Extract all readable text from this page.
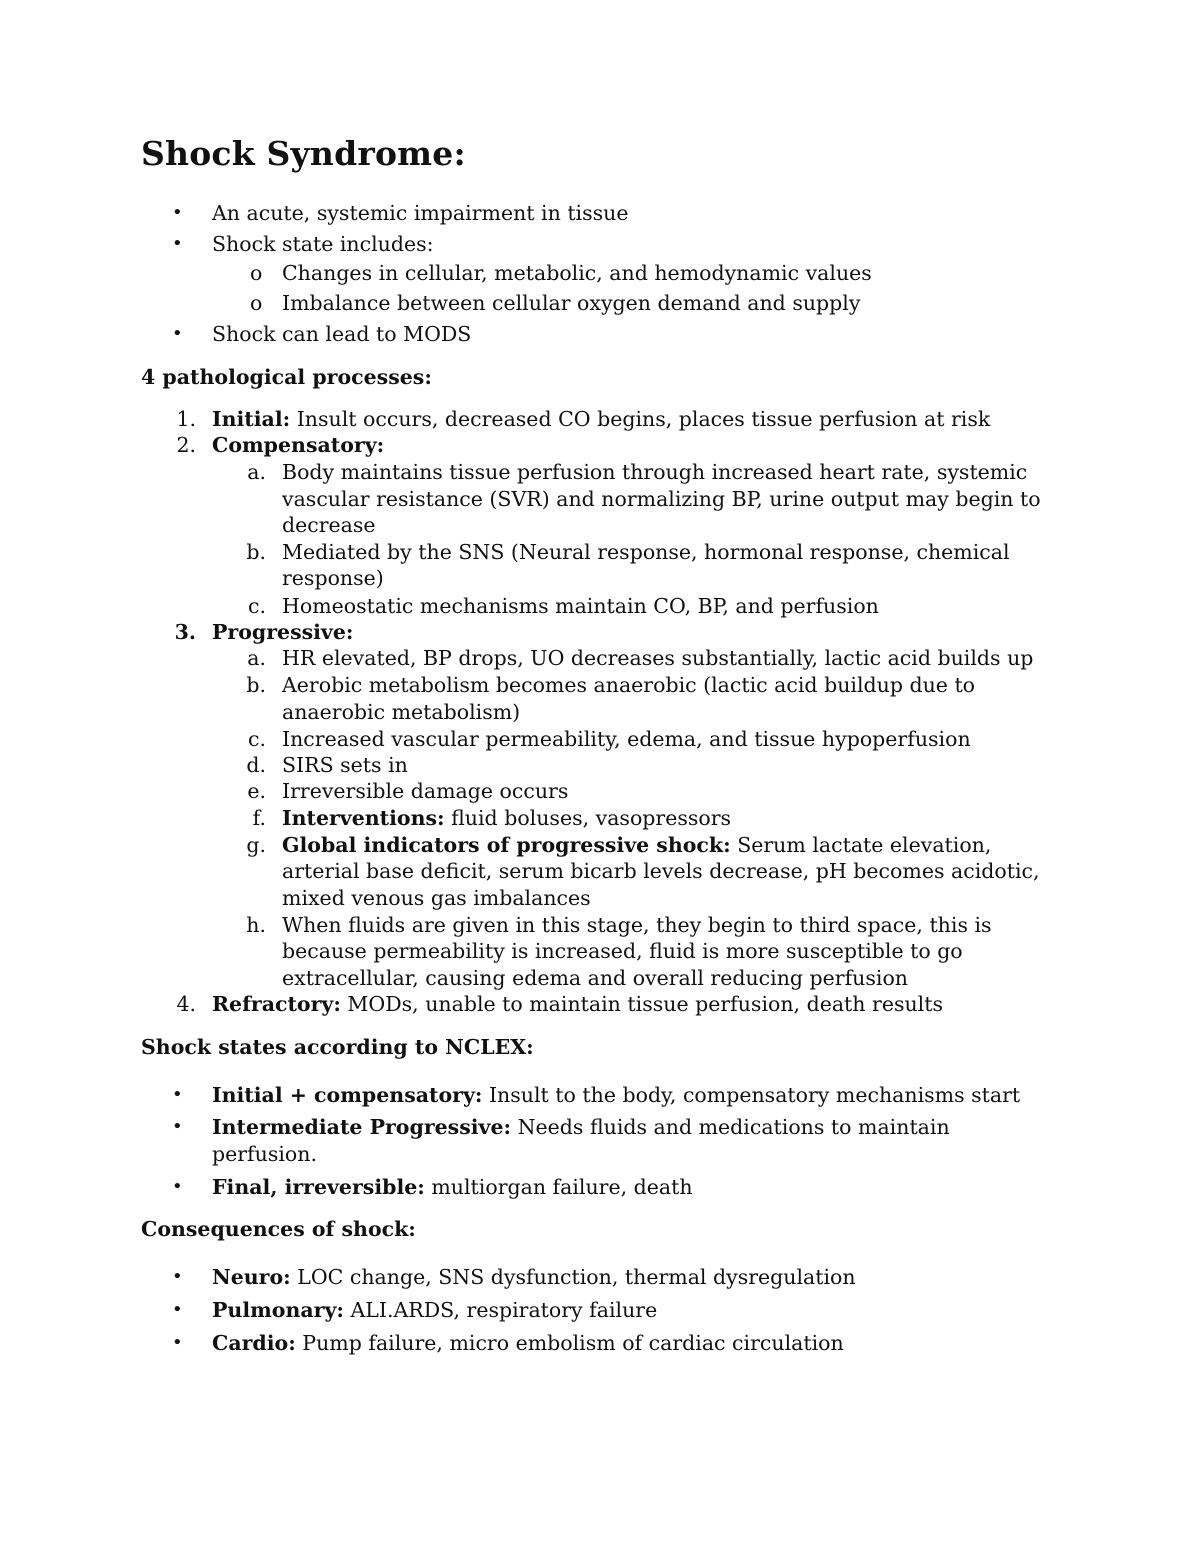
Shock Syndrome:
• An acute, systemic impairment in tissue
• Shock state includes:
o Changes in cellular, metabolic, and hemodynamic values
o Imbalance between cellular oxygen demand and supply
• Shock can lead to MODS
4 pathological processes:
1. Initial: Insult occurs, decreased CO begins, places tissue perfusion at risk
2. Compensatory:
a. Body maintains tissue perfusion through increased heart rate, systemic
vascular resistance (SVR) and normalizing BP, urine output may begin to
decrease
b. Mediated by the SNS (Neural response, hormonal response, chemical
response)
c. Homeostatic mechanisms maintain CO, BP, and perfusion
3. Progressive:
a. HR elevated, BP drops, UO decreases substantially, lactic acid builds up
b. Aerobic metabolism becomes anaerobic (lactic acid buildup due to
anaerobic metabolism)
c. Increased vascular permeability, edema, and tissue hypoperfusion
d. SIRS sets in
e. Irreversible damage occurs
f. Interventions: fluid boluses, vasopressors
g. Global indicators of progressive shock: Serum lactate elevation,
arterial base deficit, serum bicarb levels decrease, pH becomes acidotic,
mixed venous gas imbalances
h. When fluids are given in this stage, they begin to third space, this is
because permeability is increased, fluid is more susceptible to go
extracellular, causing edema and overall reducing perfusion
4. Refractory: MODs, unable to maintain tissue perfusion, death results
Shock states according to NCLEX:
• Initial + compensatory: Insult to the body, compensatory mechanisms start
• Intermediate Progressive: Needs fluids and medications to maintain
perfusion.
• Final, irreversible: multiorgan failure, death
Consequences of shock:
• Neuro: LOC change, SNS dysfunction, thermal dysregulation
• Pulmonary: ALI.ARDS, respiratory failure
• Cardio: Pump failure, micro embolism of cardiac circulation
